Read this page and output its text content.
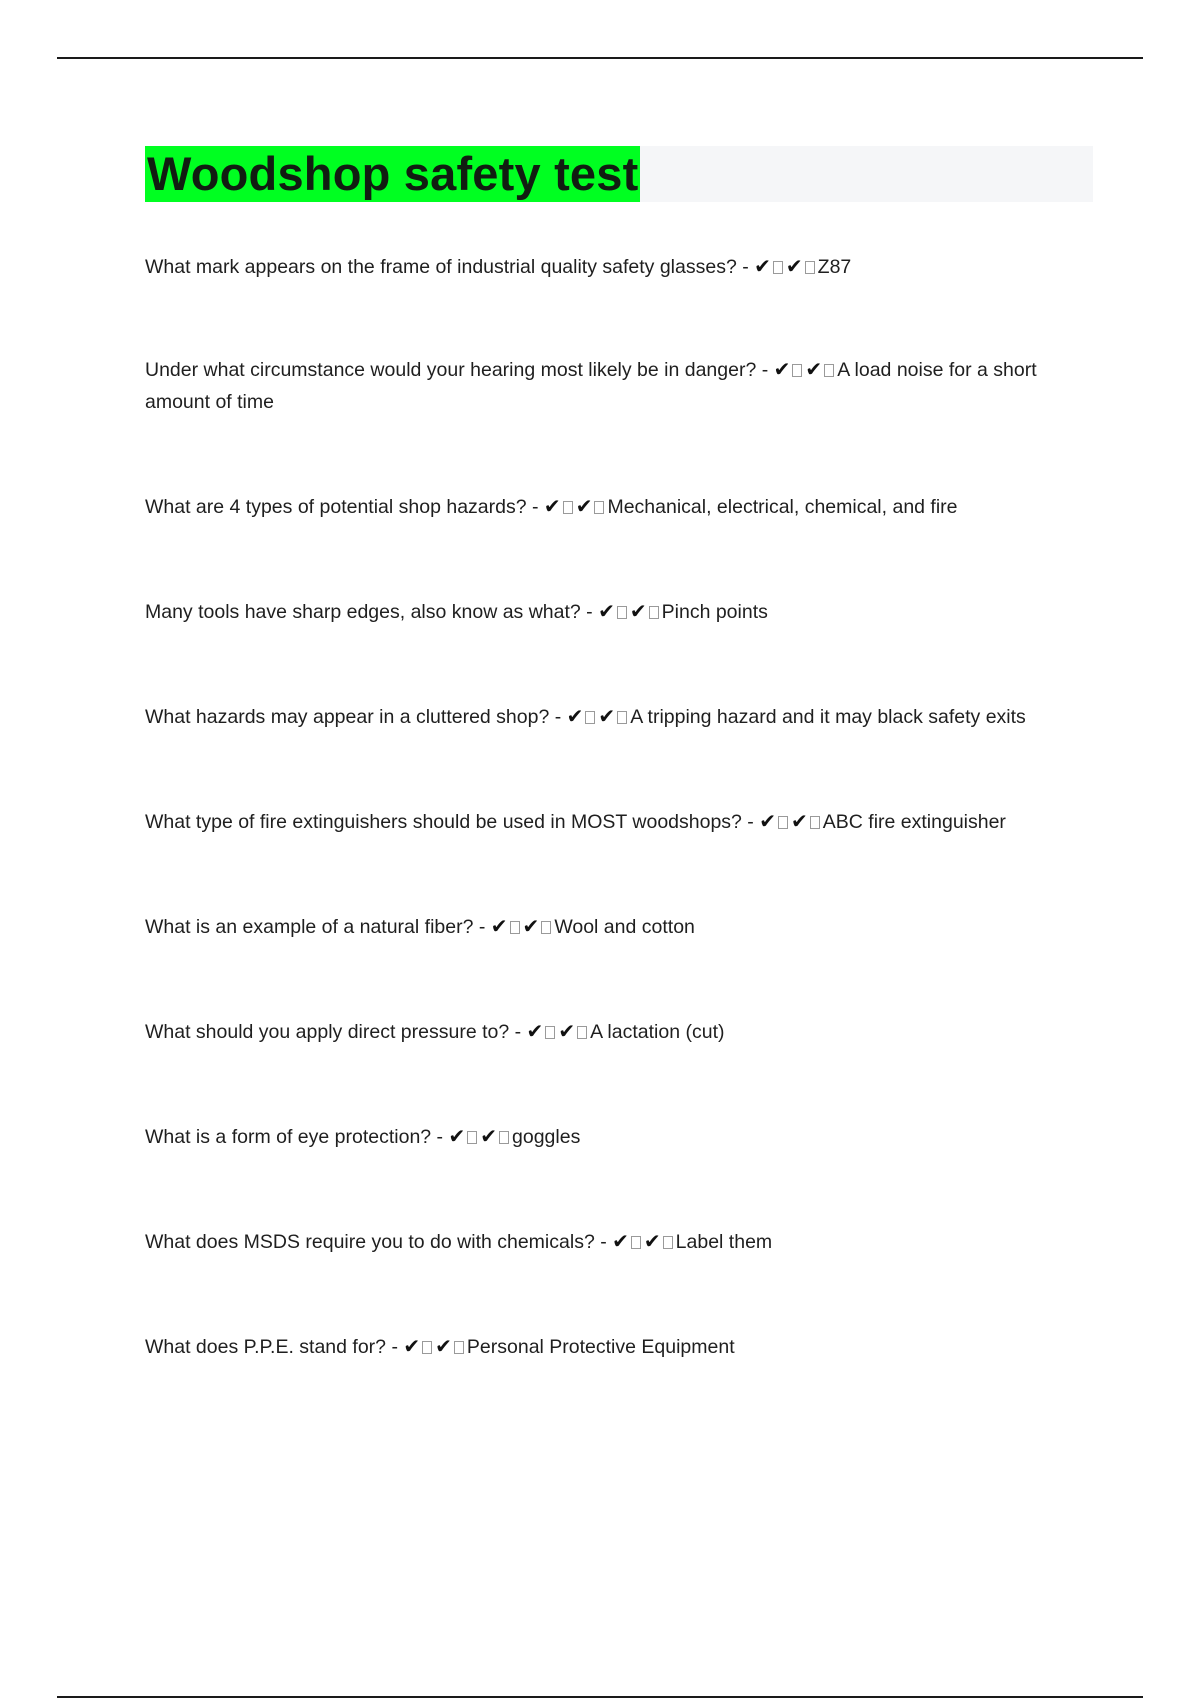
Woodshop safety test
What mark appears on the frame of industrial quality safety glasses? - ✔ ✔ Z87
Under what circumstance would your hearing most likely be in danger? - ✔ ✔ A load noise for a short amount of time
What are 4 types of potential shop hazards? - ✔ ✔ Mechanical, electrical, chemical, and fire
Many tools have sharp edges, also know as what? - ✔ ✔ Pinch points
What hazards may appear in a cluttered shop? - ✔ ✔ A tripping hazard and it may black safety exits
What type of fire extinguishers should be used in MOST woodshops? - ✔ ✔ ABC fire extinguisher
What is an example of a natural fiber? - ✔ ✔ Wool and cotton
What should you apply direct pressure to? - ✔ ✔ A lactation (cut)
What is a form of eye protection? - ✔ ✔ goggles
What does MSDS require you to do with chemicals? - ✔ ✔ Label them
What does P.P.E. stand for? - ✔ ✔ Personal Protective Equipment
